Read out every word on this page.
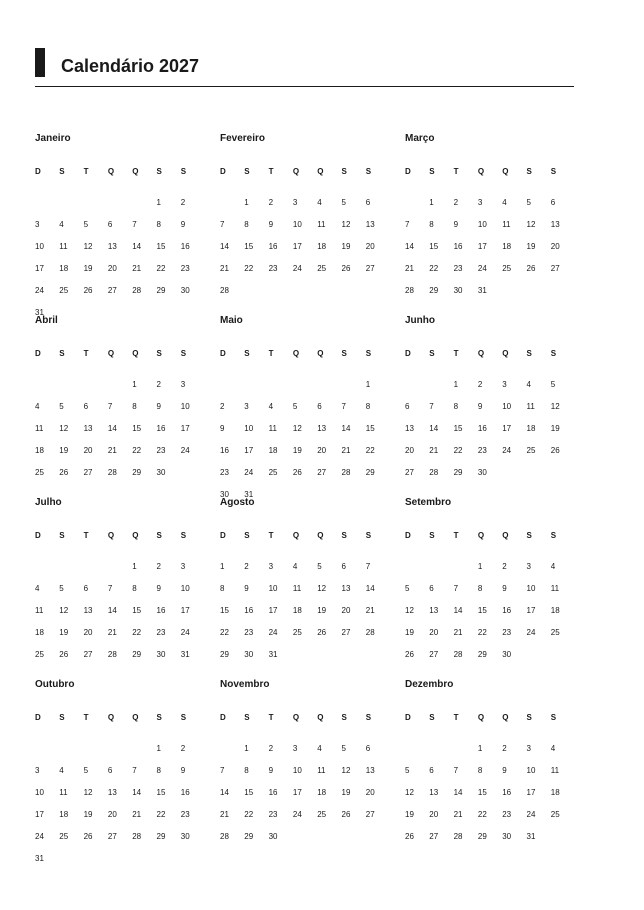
Calendário 2027
Janeiro
D S T Q Q S S
1 2
3 4 5 6 7 8 9
10 11 12 13 14 15 16
17 18 19 20 21 22 23
24 25 26 27 28 29 30
31
Fevereiro
D S T Q Q S S
1 2 3 4 5 6
7 8 9 10 11 12 13
14 15 16 17 18 19 20
21 22 23 24 25 26 27
28
Março
D S T Q Q S S
1 2 3 4 5 6
7 8 9 10 11 12 13
14 15 16 17 18 19 20
21 22 23 24 25 26 27
28 29 30 31
Abril
D S T Q Q S S
1 2 3
4 5 6 7 8 9 10
11 12 13 14 15 16 17
18 19 20 21 22 23 24
25 26 27 28 29 30
Maio
D S T Q Q S S
1
2 3 4 5 6 7 8
9 10 11 12 13 14 15
16 17 18 19 20 21 22
23 24 25 26 27 28 29
30 31
Junho
D S T Q Q S S
1 2 3 4 5
6 7 8 9 10 11 12
13 14 15 16 17 18 19
20 21 22 23 24 25 26
27 28 29 30
Julho
D S T Q Q S S
1 2 3
4 5 6 7 8 9 10
11 12 13 14 15 16 17
18 19 20 21 22 23 24
25 26 27 28 29 30 31
Agosto
D S T Q Q S S
1 2 3 4 5 6 7
8 9 10 11 12 13 14
15 16 17 18 19 20 21
22 23 24 25 26 27 28
29 30 31
Setembro
D S T Q Q S S
1 2 3 4
5 6 7 8 9 10 11
12 13 14 15 16 17 18
19 20 21 22 23 24 25
26 27 28 29 30
Outubro
D S T Q Q S S
1 2
3 4 5 6 7 8 9
10 11 12 13 14 15 16
17 18 19 20 21 22 23
24 25 26 27 28 29 30
31
Novembro
D S T Q Q S S
1 2 3 4 5 6
7 8 9 10 11 12 13
14 15 16 17 18 19 20
21 22 23 24 25 26 27
28 29 30
Dezembro
D S T Q Q S S
1 2 3 4
5 6 7 8 9 10 11
12 13 14 15 16 17 18
19 20 21 22 23 24 25
26 27 28 29 30 31
